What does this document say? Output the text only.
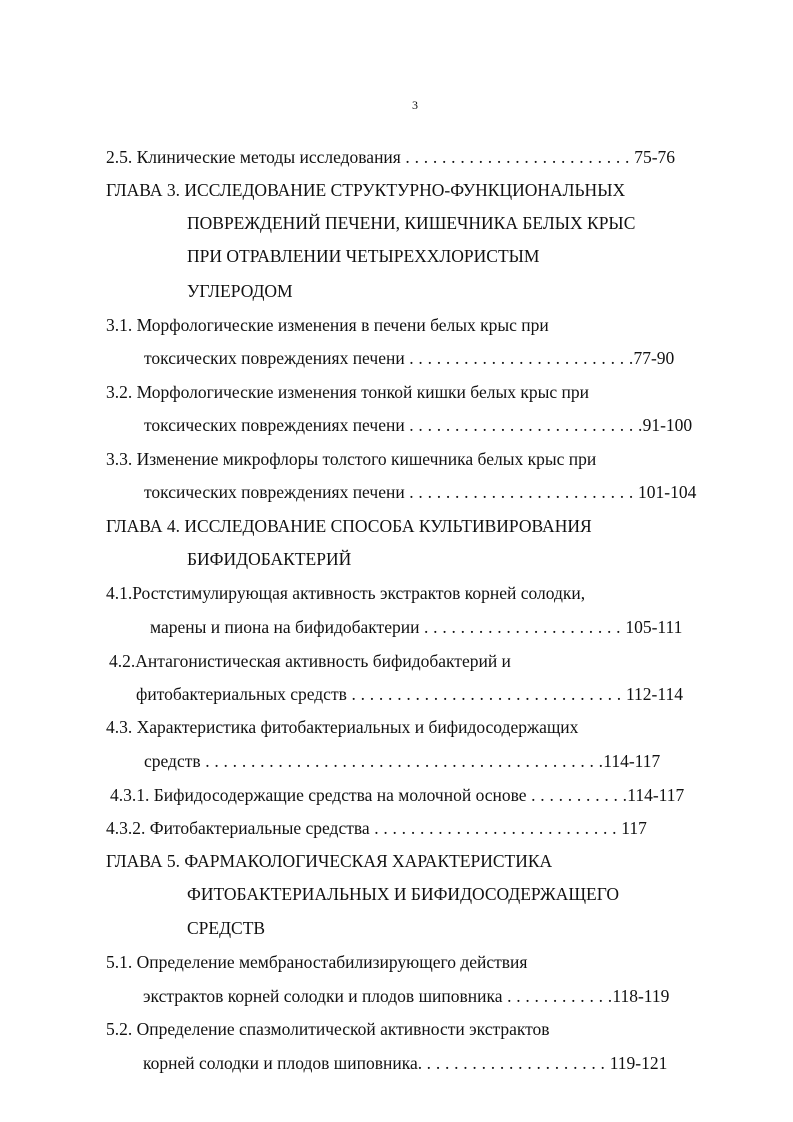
3
2.5. Клинические методы исследования . . . . . . . . . . . . . . . . . . . . . . . . . 75-76
ГЛАВА 3. ИССЛЕДОВАНИЕ СТРУКТУРНО-ФУНКЦИОНАЛЬНЫХ
ПОВРЕЖДЕНИЙ ПЕЧЕНИ, КИШЕЧНИКА БЕЛЫХ КРЫС
ПРИ ОТРАВЛЕНИИ ЧЕТЫРЕХХЛОРИСТЫМ
УГЛЕРОДОМ
3.1. Морфологические изменения в печени белых крыс при
токсических повреждениях печени . . . . . . . . . . . . . . . . . . . . . . . . .77-90
3.2. Морфологические изменения тонкой кишки белых крыс при
токсических повреждениях печени . . . . . . . . . . . . . . . . . . . . . . . . . .91-100
3.3. Изменение микрофлоры толстого кишечника белых крыс при
токсических повреждениях печени . . . . . . . . . . . . . . . . . . . . . . . . . 101-104
ГЛАВА 4. ИССЛЕДОВАНИЕ СПОСОБА КУЛЬТИВИРОВАНИЯ
БИФИДОБАКТЕРИЙ
4.1.Ростстимулирующая активность экстрактов корней солодки,
марены и пиона на бифидобактерии . . . . . . . . . . . . . . . . . . . . . . 105-111
4.2.Антагонистическая активность бифидобактерий и
фитобактериальных средств . . . . . . . . . . . . . . . . . . . . . . . . . . . . . . 112-114
4.3. Характеристика фитобактериальных и бифидосодержащих
средств . . . . . . . . . . . . . . . . . . . . . . . . . . . . . . . . . . . . . . . . . . . .114-117
4.3.1. Бифидосодержащие средства на молочной основе . . . . . . . . . . .114-117
4.3.2. Фитобактериальные средства . . . . . . . . . . . . . . . . . . . . . . . . . . . 117
ГЛАВА 5. ФАРМАКОЛОГИЧЕСКАЯ ХАРАКТЕРИСТИКА
ФИТОБАКТЕРИАЛЬНЫХ И БИФИДОСОДЕРЖАЩЕГО
СРЕДСТВ
5.1. Определение мембраностабилизирующего действия
экстрактов корней солодки и плодов шиповника . . . . . . . . . . . .118-119
5.2. Определение спазмолитической активности экстрактов
корней солодки и плодов шиповника. . . . . . . . . . . . . . . . . . . . . 119-121
